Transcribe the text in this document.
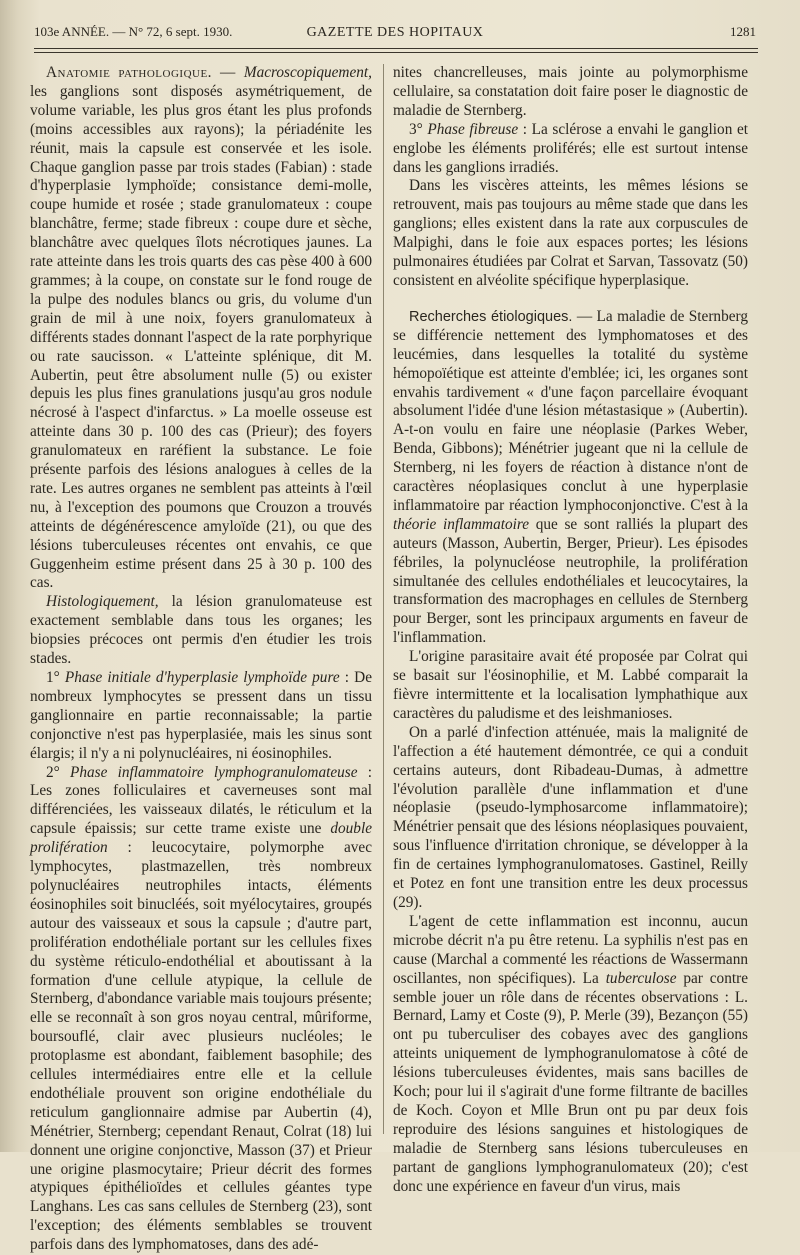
103e ANNÉE. — N° 72, 6 sept. 1930.	GAZETTE DES HOPITAUX	1281

Anatomie pathologique. — Macroscopiquement, les ganglions sont disposés asymétriquement, de volume variable, les plus gros étant les plus profonds (moins accessibles aux rayons); la périadénite les réunit, mais la capsule est conservée et les isole. Chaque ganglion passe par trois stades (Fabian) : stade d'hyperplasie lymphoïde; consistance demi-molle, coupe humide et rosée ; stade granulomateux : coupe blanchâtre, ferme; stade fibreux : coupe dure et sèche, blanchâtre avec quelques îlots nécrotiques jaunes. La rate atteinte dans les trois quarts des cas pèse 400 à 600 grammes; à la coupe, on constate sur le fond rouge de la pulpe des nodules blancs ou gris, du volume d'un grain de mil à une noix, foyers granulomateux à différents stades donnant l'aspect de la rate porphyrique ou rate saucisson. « L'atteinte splénique, dit M. Aubertin, peut être absolument nulle (5) ou exister depuis les plus fines granulations jusqu'au gros nodule nécrosé à l'aspect d'infarctus. » La moelle osseuse est atteinte dans 30 p. 100 des cas (Prieur); des foyers granulomateux en raréfient la substance. Le foie présente parfois des lésions analogues à celles de la rate. Les autres organes ne semblent pas atteints à l'œil nu, à l'exception des poumons que Crouzon a trouvés atteints de dégénérescence amyloïde (21), ou que des lésions tuberculeuses récentes ont envahis, ce que Guggenheim estime présent dans 25 à 30 p. 100 des cas.

Histologiquement, la lésion granulomateuse est exactement semblable dans tous les organes; les biopsies précoces ont permis d'en étudier les trois stades.

1° Phase initiale d'hyperplasie lymphoïde pure : De nombreux lymphocytes se pressent dans un tissu ganglionnaire en partie reconnaissable; la partie conjonctive n'est pas hyperplasiée, mais les sinus sont élargis; il n'y a ni polynucléaires, ni éosinophiles.

2° Phase inflammatoire lymphogranulomateuse : Les zones folliculaires et caverneuses sont mal différenciées, les vaisseaux dilatés, le réticulum et la capsule épaissis; sur cette trame existe une double prolifération : leucocytaire, polymorphe avec lymphocytes, plastmazellen, très nombreux polynucléaires neutrophiles intacts, éléments éosinophiles soit binucléés, soit myélocytaires, groupés autour des vaisseaux et sous la capsule ; d'autre part, prolifération endothéliale portant sur les cellules fixes du système réticulo-endothélial et aboutissant à la formation d'une cellule atypique, la cellule de Sternberg, d'abondance variable mais toujours présente; elle se reconnaît à son gros noyau central, mûriforme, boursouflé, clair avec plusieurs nucléoles; le protoplasme est abondant, faiblement basophile; des cellules intermédiaires entre elle et la cellule endothéliale prouvent son origine endothéliale du reticulum ganglionnaire admise par Aubertin (4), Ménétrier, Sternberg; cependant Renaut, Colrat (18) lui donnent une origine conjonctive, Masson (37) et Prieur une origine plasmocytaire; Prieur décrit des formes atypiques épithélioïdes et cellules géantes type Langhans. Les cas sans cellules de Sternberg (23), sont l'exception; des éléments semblables se trouvent parfois dans des lymphomatoses, dans des adé-

nites chancrelleuses, mais jointe au polymorphisme cellulaire, sa constatation doit faire poser le diagnostic de maladie de Sternberg.

3° Phase fibreuse : La sclérose a envahi le ganglion et englobe les éléments proliférés; elle est surtout intense dans les ganglions irradiés.

Dans les viscères atteints, les mêmes lésions se retrouvent, mais pas toujours au même stade que dans les ganglions; elles existent dans la rate aux corpuscules de Malpighi, dans le foie aux espaces portes; les lésions pulmonaires étudiées par Colrat et Sarvan, Tassovatz (50) consistent en alvéolite spécifique hyperplasique.

Recherches étiologiques. — La maladie de Sternberg se différencie nettement des lymphomatoses et des leucémies, dans lesquelles la totalité du système hémopoïétique est atteinte d'emblée; ici, les organes sont envahis tardivement « d'une façon parcellaire évoquant absolument l'idée d'une lésion métastasique » (Aubertin). A-t-on voulu en faire une néoplasie (Parkes Weber, Benda, Gibbons); Ménétrier jugeant que ni la cellule de Sternberg, ni les foyers de réaction à distance n'ont de caractères néoplasiques conclut à une hyperplasie inflammatoire par réaction lymphoconjonctive. C'est à la théorie inflammatoire que se sont ralliés la plupart des auteurs (Masson, Aubertin, Berger, Prieur). Les épisodes fébriles, la polynucléose neutrophile, la prolifération simultanée des cellules endothéliales et leucocytaires, la transformation des macrophages en cellules de Sternberg pour Berger, sont les principaux arguments en faveur de l'inflammation.

L'origine parasitaire avait été proposée par Colrat qui se basait sur l'éosinophilie, et M. Labbé comparait la fièvre intermittente et la localisation lymphathique aux caractères du paludisme et des leishmanioses.

On a parlé d'infection atténuée, mais la malignité de l'affection a été hautement démontrée, ce qui a conduit certains auteurs, dont Ribadeau-Dumas, à admettre l'évolution parallèle d'une inflammation et d'une néoplasie (pseudo-lymphosarcome inflammatoire); Ménétrier pensait que des lésions néoplasiques pouvaient, sous l'influence d'irritation chronique, se développer à la fin de certaines lymphogranulomatoses. Gastinel, Reilly et Potez en font une transition entre les deux processus (29).

L'agent de cette inflammation est inconnu, aucun microbe décrit n'a pu être retenu. La syphilis n'est pas en cause (Marchal a commenté les réactions de Wassermann oscillantes, non spécifiques). La tuberculose par contre semble jouer un rôle dans de récentes observations : L. Bernard, Lamy et Coste (9), P. Merle (39), Bezançon (55) ont pu tuberculiser des cobayes avec des ganglions atteints uniquement de lymphogranulomatose à côté de lésions tuberculeuses évidentes, mais sans bacilles de Koch; pour lui il s'agirait d'une forme filtrante de bacilles de Koch. Coyon et Mlle Brun ont pu par deux fois reproduire des lésions sanguines et histologiques de maladie de Sternberg sans lésions tuberculeuses en partant de ganglions lymphogranulomateux (20); c'est donc une expérience en faveur d'un virus, mais
